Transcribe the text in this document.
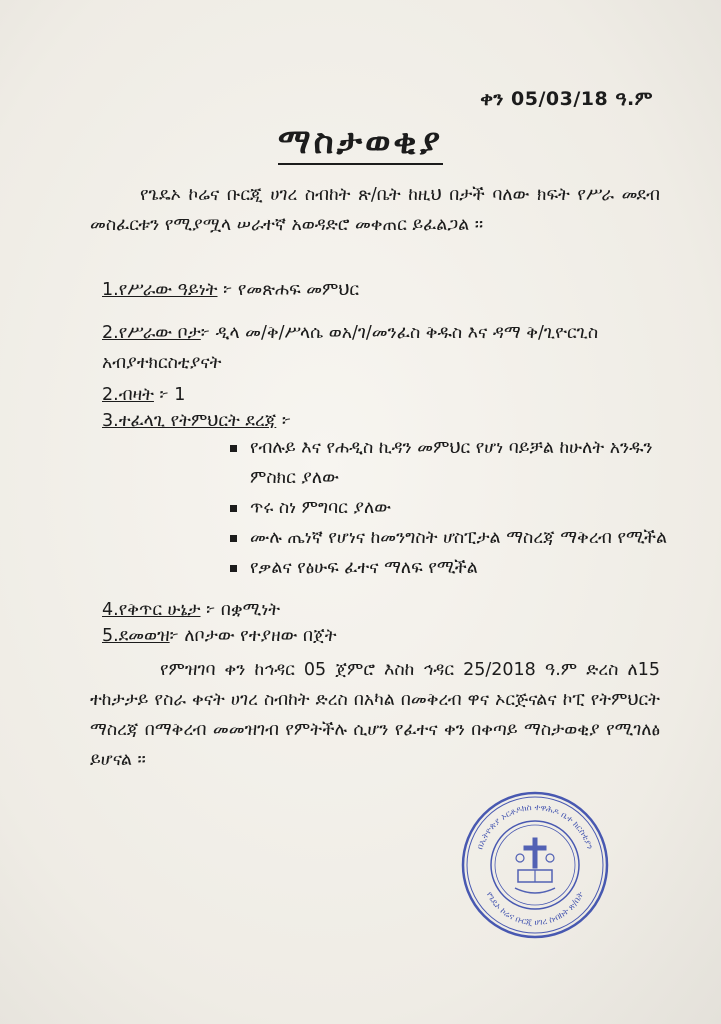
ቀን 05/03/18 ዓ.ም
ማስታወቂያ
የጌዴኦ ኮሬና ቡርጂ ሀገረ ስብከት ጽ/ቤት ከዚህ በታች ባለው ክፍት የሥራ መደብ መስፈርቱን የሚያሟላ ሠራተኛ አወዳድሮ መቀጠር ይፈልጋል ፡፡
1.የሥራው ዓይነት ፦ የመጽሐፍ መምህር
2.የሥራው ቦታ፦ ዲላ መ/ቅ/ሥላሴ ወአ/ገ/መንፈስ ቅዱስ እና ዳማ ቅ/ጊዮርጊስ አብያተክርስቲያናት
2.ብዛት ፦ 1
3.ተፈላጊ የትምህርት ደረጃ ፦
የብሉይ እና የሐዲስ ኪዳን መምህር የሆነ ባይቻል ከሁለት አንዱን ምስክር ያለው
ጥሩ ስነ ምግባር ያለው
ሙሉ ጤነኛ የሆነና ከመንግስት ሆስፒታል ማስረጃ ማቅረብ የሚችል
የቃልና የፅሁፍ ፈተና ማለፍ የሚችል
4.የቅጥር ሁኔታ ፦ በቋሚነት
5.ደመወዝ፦ ለቦታው የተያዘው በጀት
የምዝገባ ቀን ከኅዳር 05 ጀምሮ እስከ ኅዳር 25/2018 ዓ.ም ድረስ ለ15 ተከታታይ የስራ ቀናት ሀገረ ስብከት ድረስ በአካል በመቅረብ ዋና ኦርጅናልና ኮፒ የትምህርት ማስረጃ በማቅረብ መመዝገብ የምትችሉ ሲሆን የፈተና ቀን በቀጣይ ማስታወቂያ የሚገለፅ ይሆናል ፡፡
በኢትዮጵያ ኦርቶዶክስ ተዋሕዶ ቤተ ክርስቲያን
የጌዴኦ ኮሬና ቡርጂ ሀገረ ስብከት ጽ/ቤት
